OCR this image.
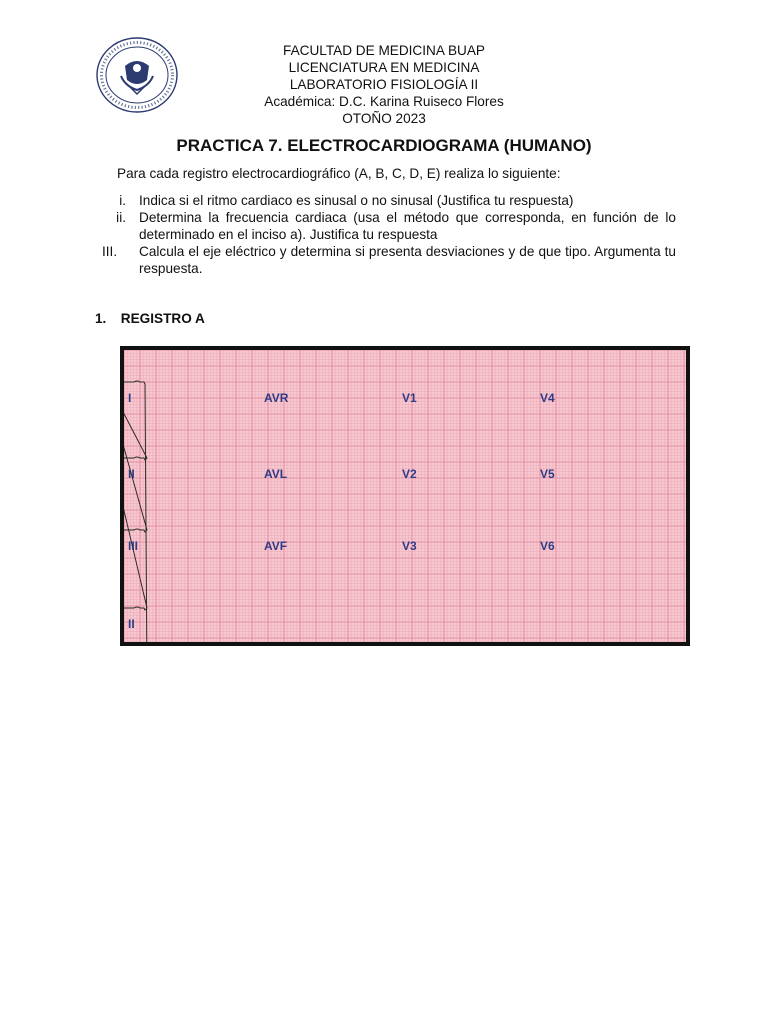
FACULTAD DE MEDICINA BUAP
LICENCIATURA EN MEDICINA
LABORATORIO FISIOLOGÍA II
Académica: D.C. Karina Ruiseco Flores
OTOÑO 2023
PRACTICA 7. ELECTROCARDIOGRAMA (HUMANO)
Para cada registro electrocardiográfico (A, B, C, D, E) realiza lo siguiente:
i. Indica si el ritmo cardiaco es sinusal o no sinusal (Justifica tu respuesta)
ii. Determina la frecuencia cardiaca (usa el método que corresponda, en función de lo determinado en el inciso a). Justifica tu respuesta
III.	Calcula el eje eléctrico y determina si presenta desviaciones y de que tipo. Argumenta tu respuesta.
1. REGISTRO A
I	AVR	V1	V4
II	AVL	V2	V5
III	AVF	V3	V6
II
